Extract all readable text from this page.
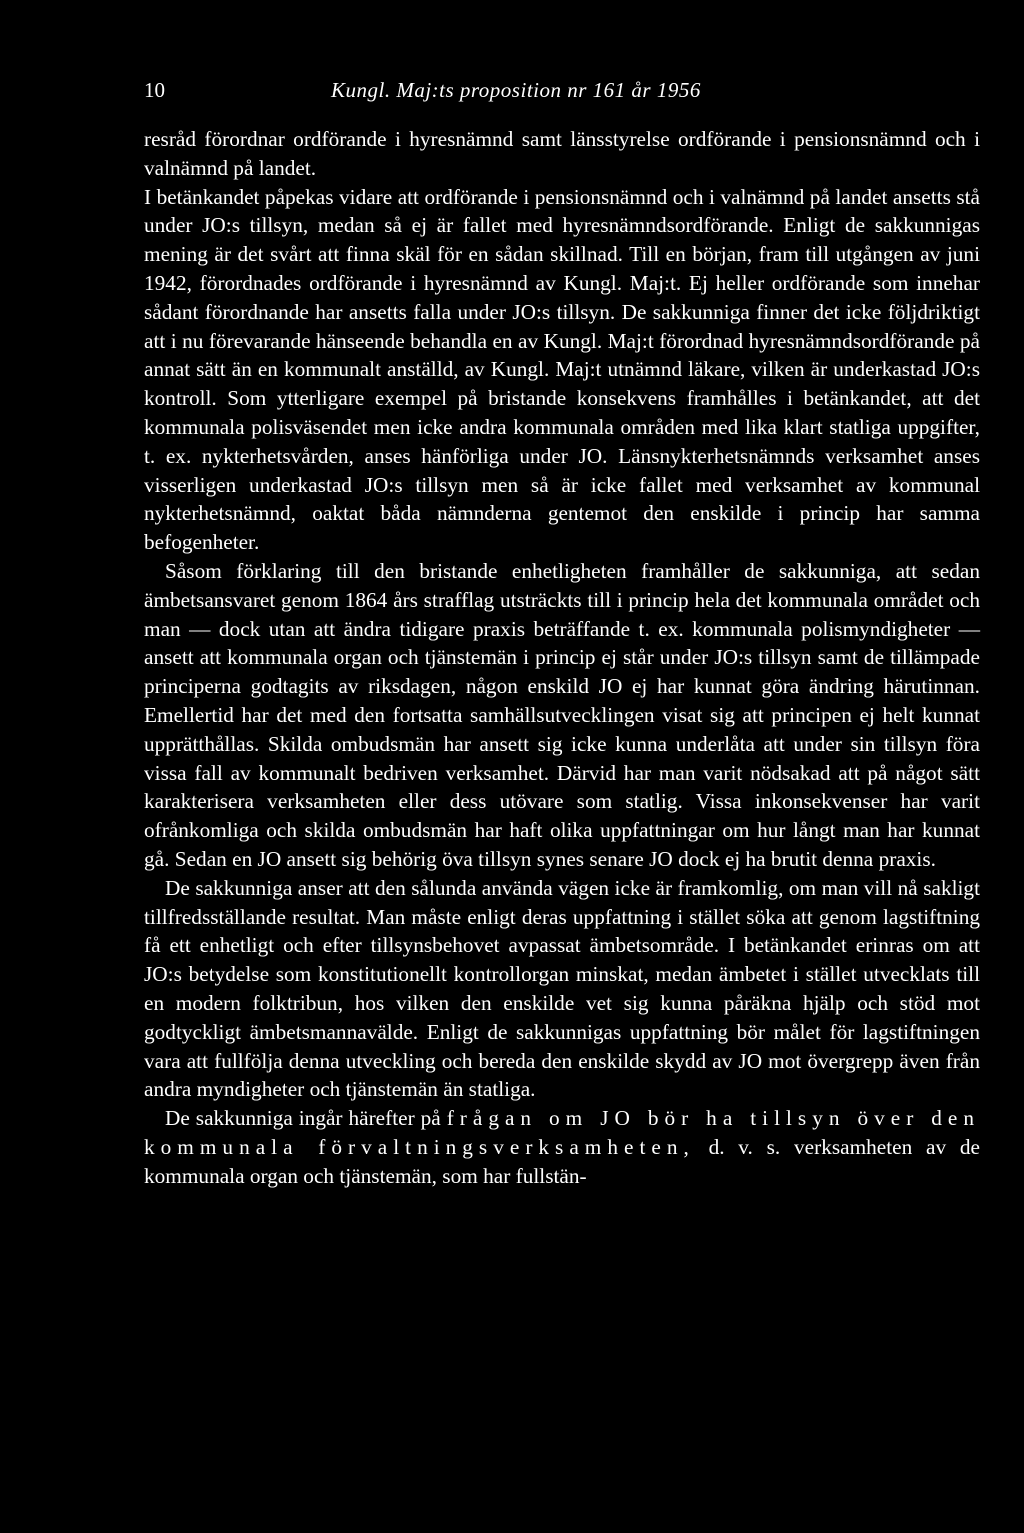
10	Kungl. Maj:ts proposition nr 161 år 1956

resråd förordnar ordförande i hyresnämnd samt länsstyrelse ordförande i pensionsnämnd och i valnämnd på landet.

I betänkandet påpekas vidare att ordförande i pensionsnämnd och i valnämnd på landet ansetts stå under JO:s tillsyn, medan så ej är fallet med hyresnämndsordförande. Enligt de sakkunnigas mening är det svårt att finna skäl för en sådan skillnad. Till en början, fram till utgången av juni 1942, förordnades ordförande i hyresnämnd av Kungl. Maj:t. Ej heller ordförande som innehar sådant förordnande har ansetts falla under JO:s tillsyn. De sakkunniga finner det icke följdriktigt att i nu förevarande hänseende behandla en av Kungl. Maj:t förordnad hyresnämndsordförande på annat sätt än en kommunalt anställd, av Kungl. Maj:t utnämnd läkare, vilken är underkastad JO:s kontroll. Som ytterligare exempel på bristande konsekvens framhålles i betänkandet, att det kommunala polisväsendet men icke andra kommunala områden med lika klart statliga uppgifter, t. ex. nykterhetsvården, anses hänförliga under JO. Länsnykterhetsnämnds verksamhet anses visserligen underkastad JO:s tillsyn men så är icke fallet med verksamhet av kommunal nykterhetsnämnd, oaktat båda nämnderna gentemot den enskilde i princip har samma befogenheter.

Såsom förklaring till den bristande enhetligheten framhåller de sakkunniga, att sedan ämbetsansvaret genom 1864 års strafflag utsträckts till i princip hela det kommunala området och man — dock utan att ändra tidigare praxis beträffande t. ex. kommunala polismyndigheter — ansett att kommunala organ och tjänstemän i princip ej står under JO:s tillsyn samt de tillämpade principerna godtagits av riksdagen, någon enskild JO ej har kunnat göra ändring härutinnan. Emellertid har det med den fortsatta samhällsutvecklingen visat sig att principen ej helt kunnat upprätthållas. Skilda ombudsmän har ansett sig icke kunna underlåta att under sin tillsyn föra vissa fall av kommunalt bedriven verksamhet. Därvid har man varit nödsakad att på något sätt karakterisera verksamheten eller dess utövare som statlig. Vissa inkonsekvenser har varit ofrånkomliga och skilda ombudsmän har haft olika uppfattningar om hur långt man har kunnat gå. Sedan en JO ansett sig behörig öva tillsyn synes senare JO dock ej ha brutit denna praxis.

De sakkunniga anser att den sålunda använda vägen icke är framkomlig, om man vill nå sakligt tillfredsställande resultat. Man måste enligt deras uppfattning i stället söka att genom lagstiftning få ett enhetligt och efter tillsynsbehovet avpassat ämbetsområde. I betänkandet erinras om att JO:s betydelse som konstitutionellt kontrollorgan minskat, medan ämbetet i stället utvecklats till en modern folktribun, hos vilken den enskilde vet sig kunna påräkna hjälp och stöd mot godtyckligt ämbetsmannavälde. Enligt de sakkunnigas uppfattning bör målet för lagstiftningen vara att fullfölja denna utveckling och bereda den enskilde skydd av JO mot övergrepp även från andra myndigheter och tjänstemän än statliga.

De sakkunniga ingår härefter på frågan om JO bör ha tillsyn över den kommunala förvaltningsverksamheten, d. v. s. verksamheten av de kommunala organ och tjänstemän, som har fullstän-
